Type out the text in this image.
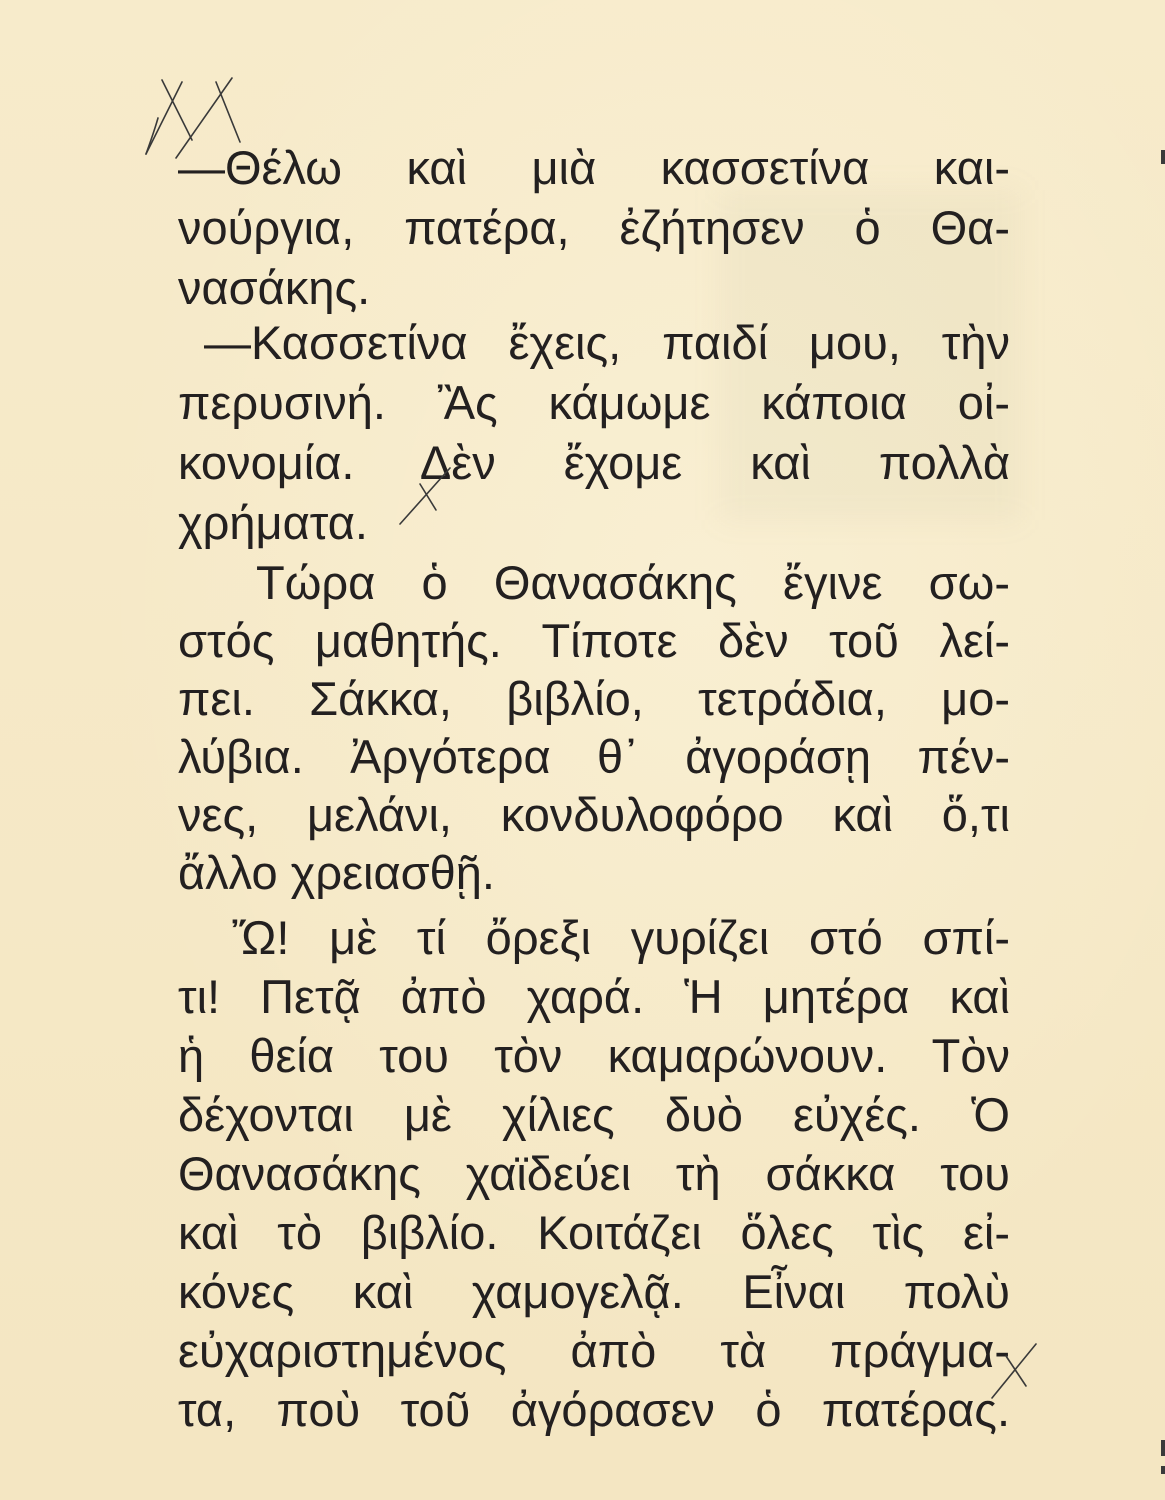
—Θέλω καὶ μιὰ κασσετίνα και-
νούργια, πατέρα, ἐζήτησεν ὁ Θα-
νασάκης.
—Κασσετίνα ἔχεις, παιδί μου, τὴν
περυσινή. Ἂς κάμωμε κάποια οἰ-
κονομία. Δὲν ἔχομε καὶ πολλὰ
χρήματα.
Τώρα ὁ Θανασάκης ἔγινε σω-
στός μαθητής. Τίποτε δὲν τοῦ λεί-
πει. Σάκκα, βιβλίο, τετράδια, μο-
λύβια. Ἀργότερα θ᾽ ἀγοράσῃ πέν-
νες, μελάνι, κονδυλοφόρο καὶ ὅ,τι
ἄλλο χρειασθῇ.
Ὤ! μὲ τί ὄρεξι γυρίζει στό σπί-
τι! Πετᾷ ἀπὸ χαρά. Ἡ μητέρα καὶ
ἡ θεία του τὸν καμαρώνουν. Τὸν
δέχονται μὲ χίλιες δυὸ εὐχές. Ὁ
Θανασάκης χαϊδεύει τὴ σάκκα του
καὶ τὸ βιβλίο. Κοιτάζει ὅλες τὶς εἰ-
κόνες καὶ χαμογελᾷ. Εἶναι πολὺ
εὐχαριστημένος ἀπὸ τὰ πράγμα-
τα, ποὺ τοῦ ἀγόρασεν ὁ πατέρας.
